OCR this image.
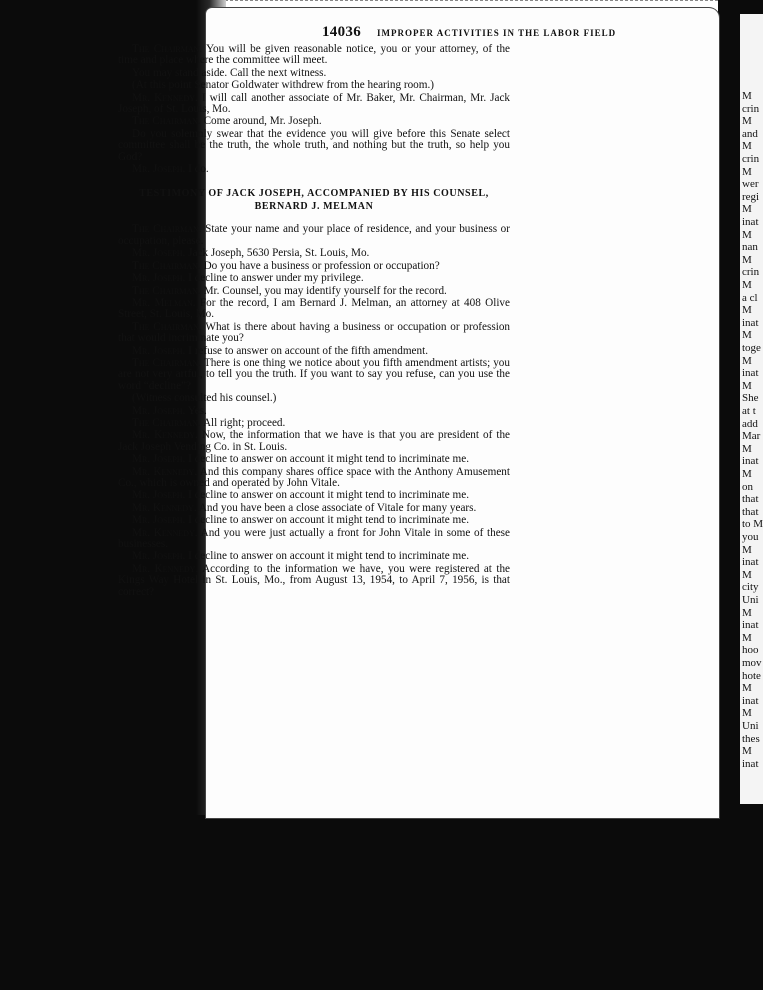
M
crin
M
and
M
crin
M
wer
regi
M
inat
M
nan
M
crin
M
a cl
M
inat
M
toge
M
inat
M
She
at t
add
Mar
M
inat
M
on
that
that
to M
you
M
inat
M
city
Uni
M
inat
M
hoo
mov
hote
M
inat
M
Uni
thes
M
inat
14036 IMPROPER ACTIVITIES IN THE LABOR FIELD

The Chairman. You will be given reasonable notice, you or your attorney, of the time and place where the committee will meet.

You may stand aside. Call the next witness.

(At this point Senator Goldwater withdrew from the hearing room.)

Mr. Kennedy. I will call another associate of Mr. Baker, Mr. Chairman, Mr. Jack Joseph, of St. Louis, Mo.

The Chairman. Come around, Mr. Joseph.

Do you solemnly swear that the evidence you will give before this Senate select committee shall be the truth, the whole truth, and nothing but the truth, so help you God?

Mr. Joseph. I do.

TESTIMONY OF JACK JOSEPH, ACCOMPANIED BY HIS COUNSEL, BERNARD J. MELMAN

The Chairman. State your name and your place of residence, and your business or occupation, please.

Mr. Joseph. Jack Joseph, 5630 Persia, St. Louis, Mo.

The Chairman. Do you have a business or profession or occupation?

Mr. Joseph. I decline to answer under my privilege.

The Chairman. Mr. Counsel, you may identify yourself for the record.

Mr. Melman. For the record, I am Bernard J. Melman, an attorney at 408 Olive Street, St. Louis, Mo.

The Chairman. What is there about having a business or occupation or profession that would incriminate you?

Mr. Joseph. I refuse to answer on account of the fifth amendment.

The Chairman. There is one thing we notice about you fifth amendment artists; you are not very artful, to tell you the truth. If you want to say you refuse, can you use the word “decline”?

(Witness consulted his counsel.)

Mr. Joseph. Yes.

The Chairman. All right; proceed.

Mr. Kennedy. Now, the information that we have is that you are president of the Jack Joseph Vending Co. in St. Louis.

Mr. Joseph. I decline to answer on account it might tend to incriminate me.

Mr. Kennedy. And this company shares office space with the Anthony Amusement Co., which is owned and operated by John Vitale.

Mr. Joseph. I decline to answer on account it might tend to incriminate me.

Mr. Kennedy. And you have been a close associate of Vitale for many years.

Mr. Joseph. I decline to answer on account it might tend to incriminate me.

Mr. Kennedy. And you were just actually a front for John Vitale in some of these businesses.

Mr. Joseph. I decline to answer on account it might tend to incriminate me.

Mr. Kennedy. According to the information we have, you were registered at the Kings Way Hotel in St. Louis, Mo., from August 13, 1954, to April 7, 1956, is that correct?
